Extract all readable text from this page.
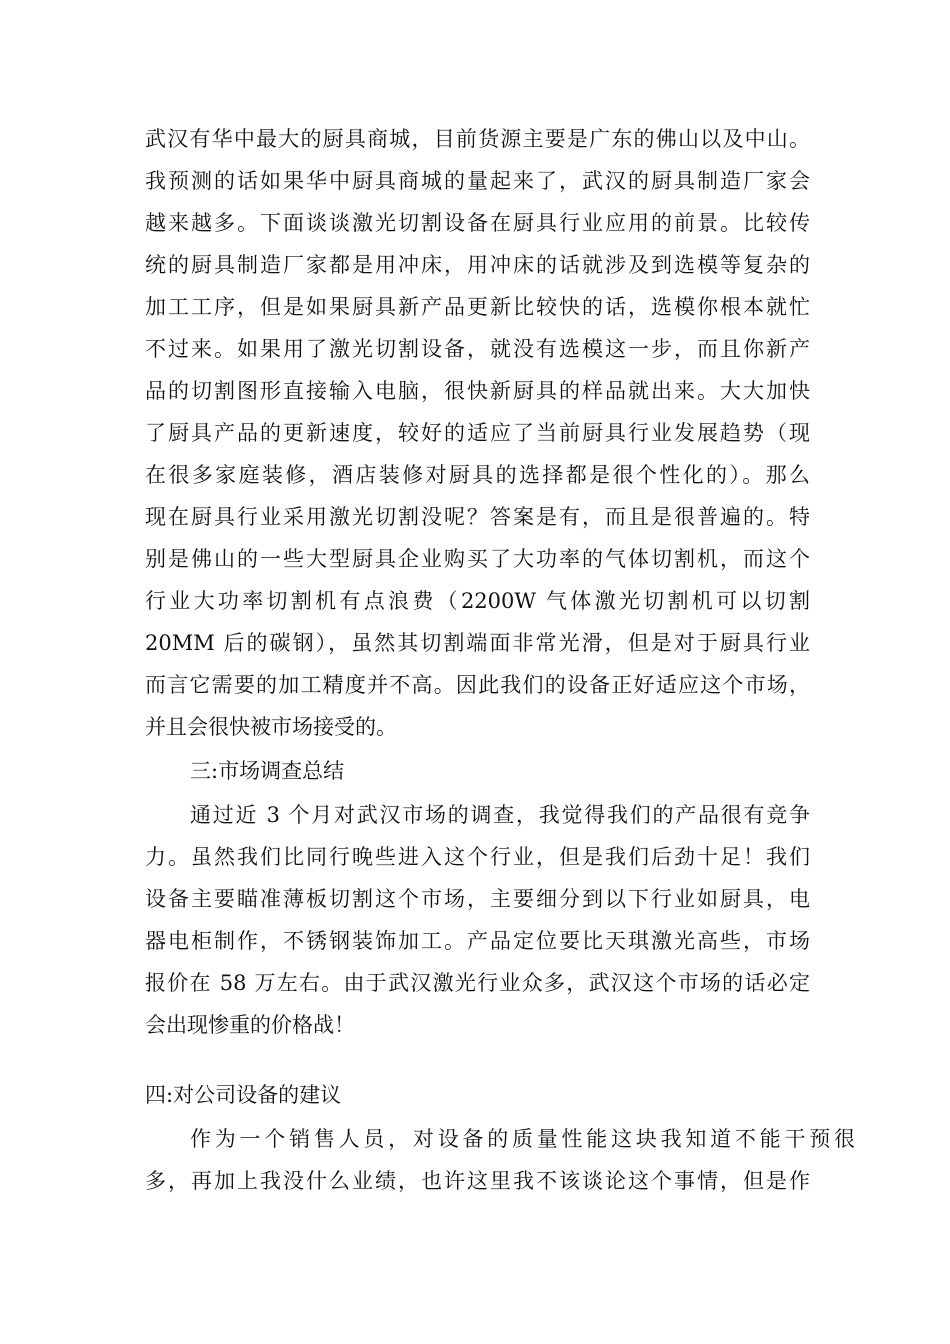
武汉有华中最大的厨具商城，目前货源主要是广东的佛山以及中山。
我预测的话如果华中厨具商城的量起来了，武汉的厨具制造厂家会
越来越多。下面谈谈激光切割设备在厨具行业应用的前景。比较传
统的厨具制造厂家都是用冲床，用冲床的话就涉及到选模等复杂的
加工工序，但是如果厨具新产品更新比较快的话，选模你根本就忙
不过来。如果用了激光切割设备，就没有选模这一步，而且你新产
品的切割图形直接输入电脑，很快新厨具的样品就出来。大大加快
了厨具产品的更新速度，较好的适应了当前厨具行业发展趋势（现
在很多家庭装修，酒店装修对厨具的选择都是很个性化的）。那么
现在厨具行业采用激光切割没呢？答案是有，而且是很普遍的。特
别是佛山的一些大型厨具企业购买了大功率的气体切割机，而这个
行业大功率切割机有点浪费（2200W 气体激光切割机可以切割
20MM 后的碳钢），虽然其切割端面非常光滑，但是对于厨具行业
而言它需要的加工精度并不高。因此我们的设备正好适应这个市场，
并且会很快被市场接受的。
三:市场调查总结
通过近 3 个月对武汉市场的调查，我觉得我们的产品很有竞争
力。虽然我们比同行晚些进入这个行业，但是我们后劲十足！我们
设备主要瞄准薄板切割这个市场，主要细分到以下行业如厨具，电
器电柜制作，不锈钢装饰加工。产品定位要比天琪激光高些，市场
报价在 58 万左右。由于武汉激光行业众多，武汉这个市场的话必定
会出现惨重的价格战！
四:对公司设备的建议
作为一个销售人员，对设备的质量性能这块我知道不能干预很
多，再加上我没什么业绩，也许这里我不该谈论这个事情，但是作
